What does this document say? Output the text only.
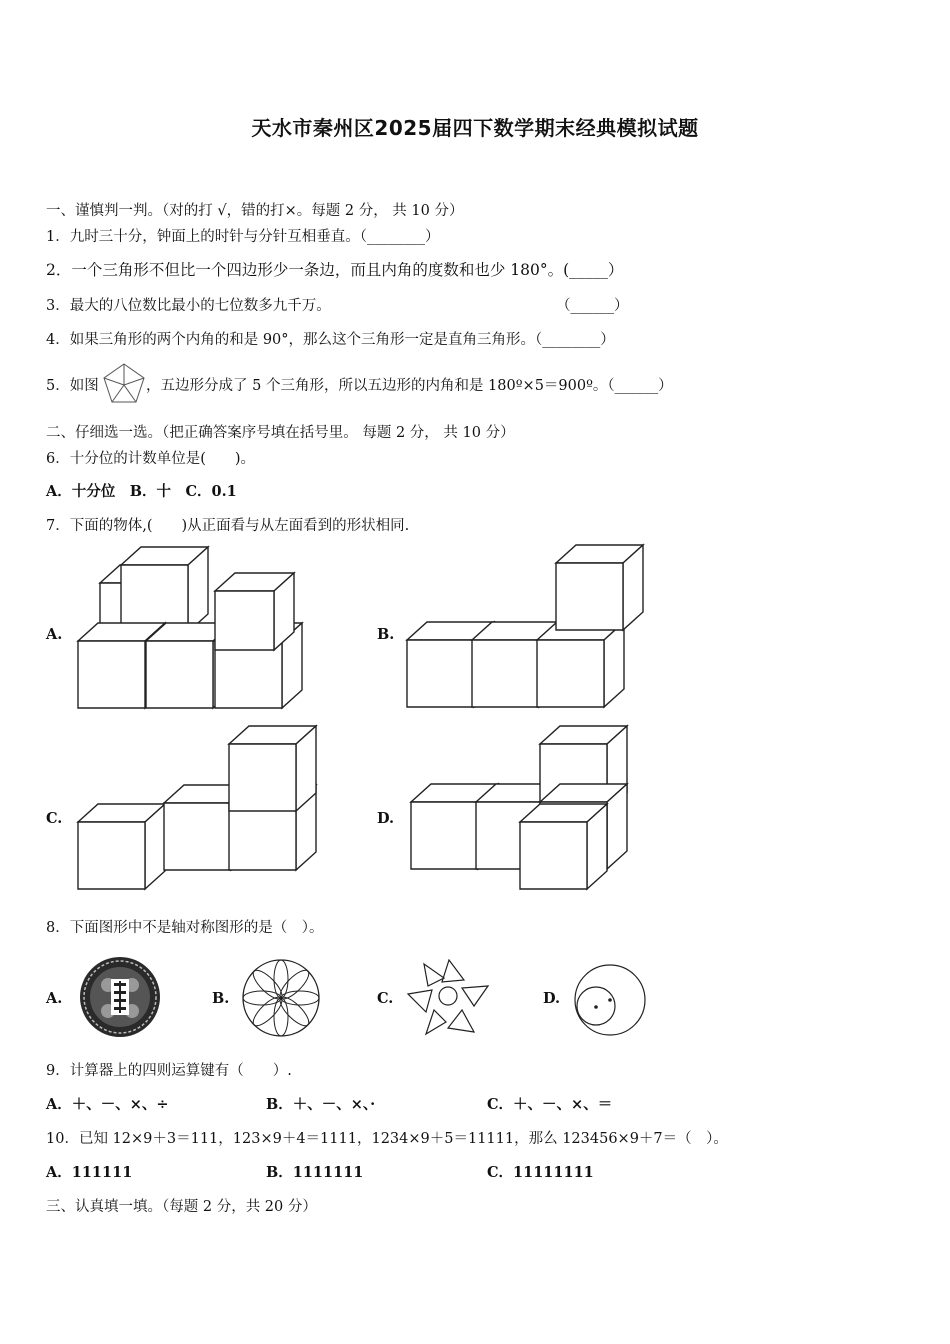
天水市秦州区2025届四下数学期末经典模拟试题
一、谨慎判一判。（对的打 √，错的打×。每题 2 分， 共 10 分）
1．九时三十分，钟面上的时针与分针互相垂直。（________）
2．一个三角形不但比一个四边形少一条边，而且内角的度数和也少 180°。(_____）
3．最大的八位数比最小的七位数多九千万。	（______）
4．如果三角形的两个内角的和是 90°，那么这个三角形一定是直角三角形。（________）
5．如图	，五边形分成了 5 个三角形，所以五边形的内角和是 180º×5＝900º。（______）
二、仔细选一选。（把正确答案序号填在括号里。 每题 2 分， 共 10 分）
6．十分位的计数单位是(　　)。
A．十分位　B．十　C．0.1
7．下面的物体,(　　)从正面看与从左面看到的形状相同.
A.	B.
C.	D.
8．下面图形中不是轴对称图形的是（　）。
A.	B.	C.	D.
9．计算器上的四则运算键有（　　）.
A．＋、－、×、÷	B．＋、－、×、·	C．＋、－、×、＝
10．已知 12×9＋3＝111，123×9＋4＝1111，1234×9＋5＝11111，那么 123456×9＋7＝（　）。
A．111111	B．1111111	C．11111111
三、认真填一填。（每题 2 分，共 20 分）
